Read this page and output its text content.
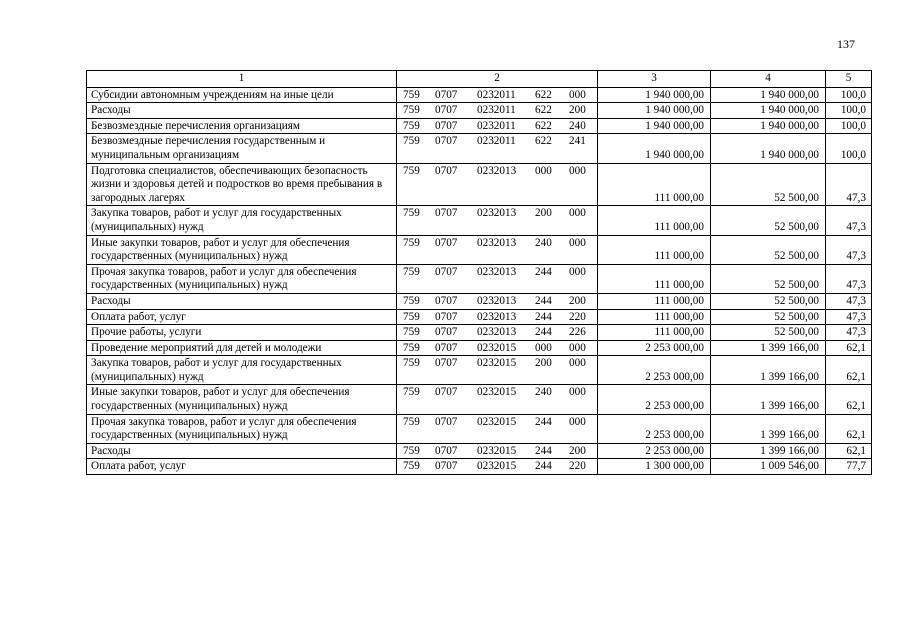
137
1	2	3	4	5
Субсидии автономным учреждениям на иные цели	759 0707 0232011 622 000	1 940 000,00	1 940 000,00	100,0
Расходы	759 0707 0232011 622 200	1 940 000,00	1 940 000,00	100,0
Безвозмездные перечисления организациям	759 0707 0232011 622 240	1 940 000,00	1 940 000,00	100,0
Безвозмездные перечисления государственным и муниципальным организациям	759 0707 0232011 622 241	1 940 000,00	1 940 000,00	100,0
Подготовка специалистов, обеспечивающих безопасность жизни и здоровья детей и подростков во время пребывания в загородных лагерях	759 0707 0232013 000 000	111 000,00	52 500,00	47,3
Закупка товаров, работ и услуг для государственных (муниципальных) нужд	759 0707 0232013 200 000	111 000,00	52 500,00	47,3
Иные закупки товаров, работ и услуг для обеспечения государственных (муниципальных) нужд	759 0707 0232013 240 000	111 000,00	52 500,00	47,3
Прочая закупка товаров, работ и услуг для обеспечения государственных (муниципальных) нужд	759 0707 0232013 244 000	111 000,00	52 500,00	47,3
Расходы	759 0707 0232013 244 200	111 000,00	52 500,00	47,3
Оплата работ, услуг	759 0707 0232013 244 220	111 000,00	52 500,00	47,3
Прочие работы, услуги	759 0707 0232013 244 226	111 000,00	52 500,00	47,3
Проведение мероприятий для детей и молодежи	759 0707 0232015 000 000	2 253 000,00	1 399 166,00	62,1
Закупка товаров, работ и услуг для государственных (муниципальных) нужд	759 0707 0232015 200 000	2 253 000,00	1 399 166,00	62,1
Иные закупки товаров, работ и услуг для обеспечения государственных (муниципальных) нужд	759 0707 0232015 240 000	2 253 000,00	1 399 166,00	62,1
Прочая закупка товаров, работ и услуг для обеспечения государственных (муниципальных) нужд	759 0707 0232015 244 000	2 253 000,00	1 399 166,00	62,1
Расходы	759 0707 0232015 244 200	2 253 000,00	1 399 166,00	62,1
Оплата работ, услуг	759 0707 0232015 244 220	1 300 000,00	1 009 546,00	77,7
